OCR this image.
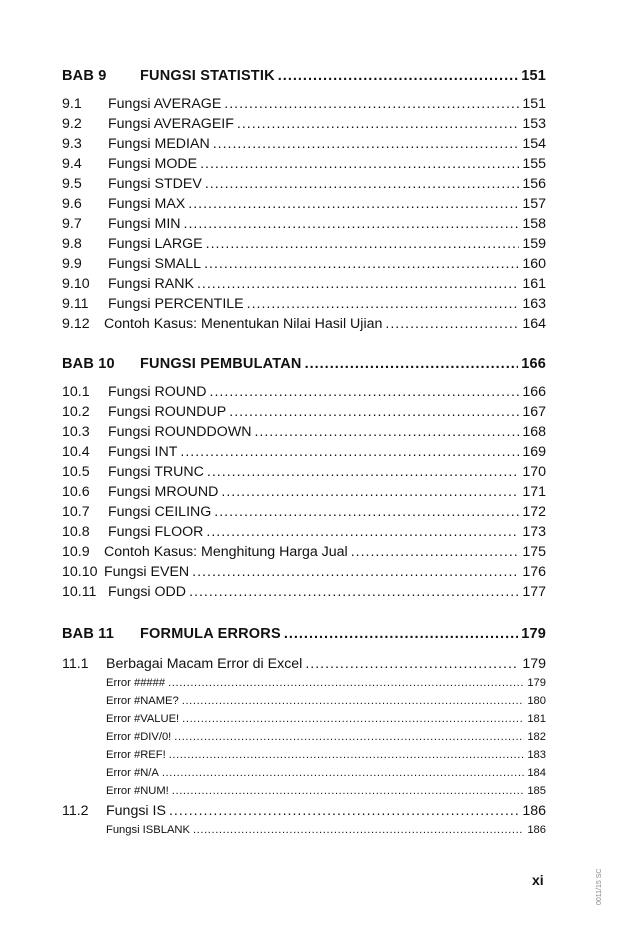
BAB 9	FUNGSI STATISTIK .....	151
9.1	Fungsi AVERAGE .....	151
9.2	Fungsi AVERAGEIF .....	153
9.3	Fungsi MEDIAN .....	154
9.4	Fungsi MODE .....	155
9.5	Fungsi STDEV .....	156
9.6	Fungsi MAX .....	157
9.7	Fungsi MIN .....	158
9.8	Fungsi LARGE .....	159
9.9	Fungsi SMALL .....	160
9.10	Fungsi RANK .....	161
9.11	Fungsi PERCENTILE .....	163
9.12	Contoh Kasus: Menentukan Nilai Hasil Ujian .....	164
BAB 10	FUNGSI PEMBULATAN .....	166
10.1	Fungsi ROUND .....	166
10.2	Fungsi ROUNDUP .....	167
10.3	Fungsi ROUNDDOWN .....	168
10.4	Fungsi INT .....	169
10.5	Fungsi TRUNC .....	170
10.6	Fungsi MROUND .....	171
10.7	Fungsi CEILING .....	172
10.8	Fungsi FLOOR .....	173
10.9	Contoh Kasus: Menghitung Harga Jual .....	175
10.10 Fungsi EVEN .....	176
10.11 Fungsi ODD .....	177
BAB 11	FORMULA ERRORS .....	179
11.1	Berbagai Macam Error di Excel .....	179
Error ##### .....	179
Error #NAME? .....	180
Error #VALUE! .....	181
Error #DIV/0! .....	182
Error #REF! .....	183
Error #N/A .....	184
Error #NUM! .....	185
11.2	Fungsi IS .....	186
Fungsi ISBLANK .....	186
xi	0011/15 SC
